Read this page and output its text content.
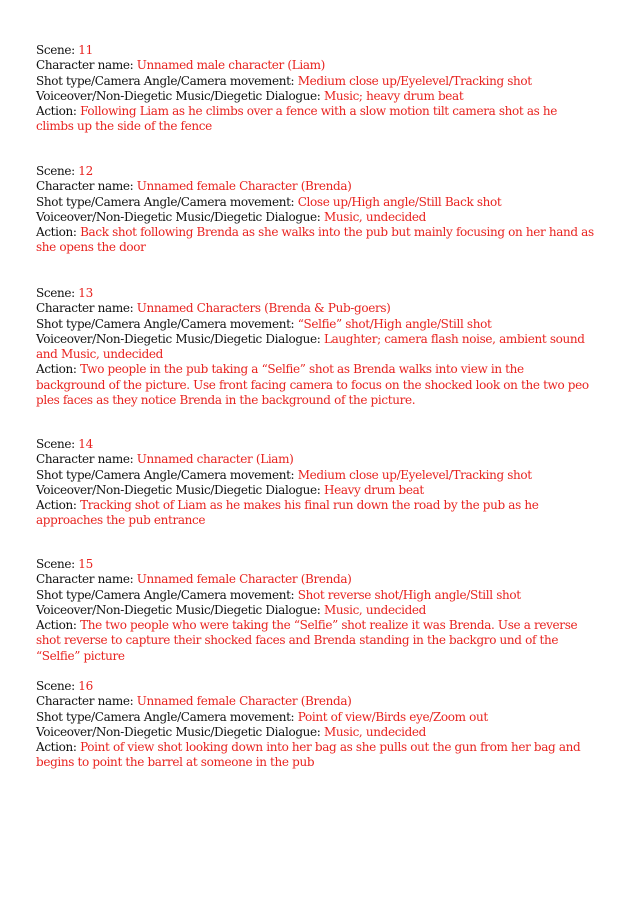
Scene: 11
Character name: Unnamed male character (Liam)
Shot type/Camera Angle/Camera movement: Medium close up/Eyelevel/Tracking shot
Voiceover/Non-Diegetic Music/Diegetic Dialogue: Music; heavy drum beat
Action: Following Liam as he climbs over a fence with a slow motion tilt camera shot as he climbs up the side of the fence
Scene: 12
Character name: Unnamed female Character (Brenda)
Shot type/Camera Angle/Camera movement: Close up/High angle/Still Back shot
Voiceover/Non-Diegetic Music/Diegetic Dialogue: Music, undecided
Action: Back shot following Brenda as she walks into the pub but mainly focusing on her hand as she opens the door
Scene: 13
Character name: Unnamed Characters (Brenda & Pub-goers)
Shot type/Camera Angle/Camera movement: “Selfie” shot/High angle/Still shot
Voiceover/Non-Diegetic Music/Diegetic Dialogue: Laughter; camera flash noise, ambient sound and Music, undecided
Action: Two people in the pub taking a “Selfie” shot as Brenda walks into view in the background of the picture. Use front facing camera to focus on the shocked look on the two peo ples faces as they notice Brenda in the background of the picture.
Scene: 14
Character name: Unnamed character (Liam)
Shot type/Camera Angle/Camera movement: Medium close up/Eyelevel/Tracking shot
Voiceover/Non-Diegetic Music/Diegetic Dialogue: Heavy drum beat
Action: Tracking shot of Liam as he makes his final run down the road by the pub as he approaches the pub entrance
Scene: 15
Character name: Unnamed female Character (Brenda)
Shot type/Camera Angle/Camera movement: Shot reverse shot/High angle/Still shot
Voiceover/Non-Diegetic Music/Diegetic Dialogue: Music, undecided
Action: The two people who were taking the “Selfie” shot realize it was Brenda. Use a reverse shot reverse to capture their shocked faces and Brenda standing in the backgro und of the “Selfie” picture
Scene: 16
Character name: Unnamed female Character (Brenda)
Shot type/Camera Angle/Camera movement: Point of view/Birds eye/Zoom out
Voiceover/Non-Diegetic Music/Diegetic Dialogue: Music, undecided
Action: Point of view shot looking down into her bag as she pulls out the gun from her bag and begins to point the barrel at someone in the pub
